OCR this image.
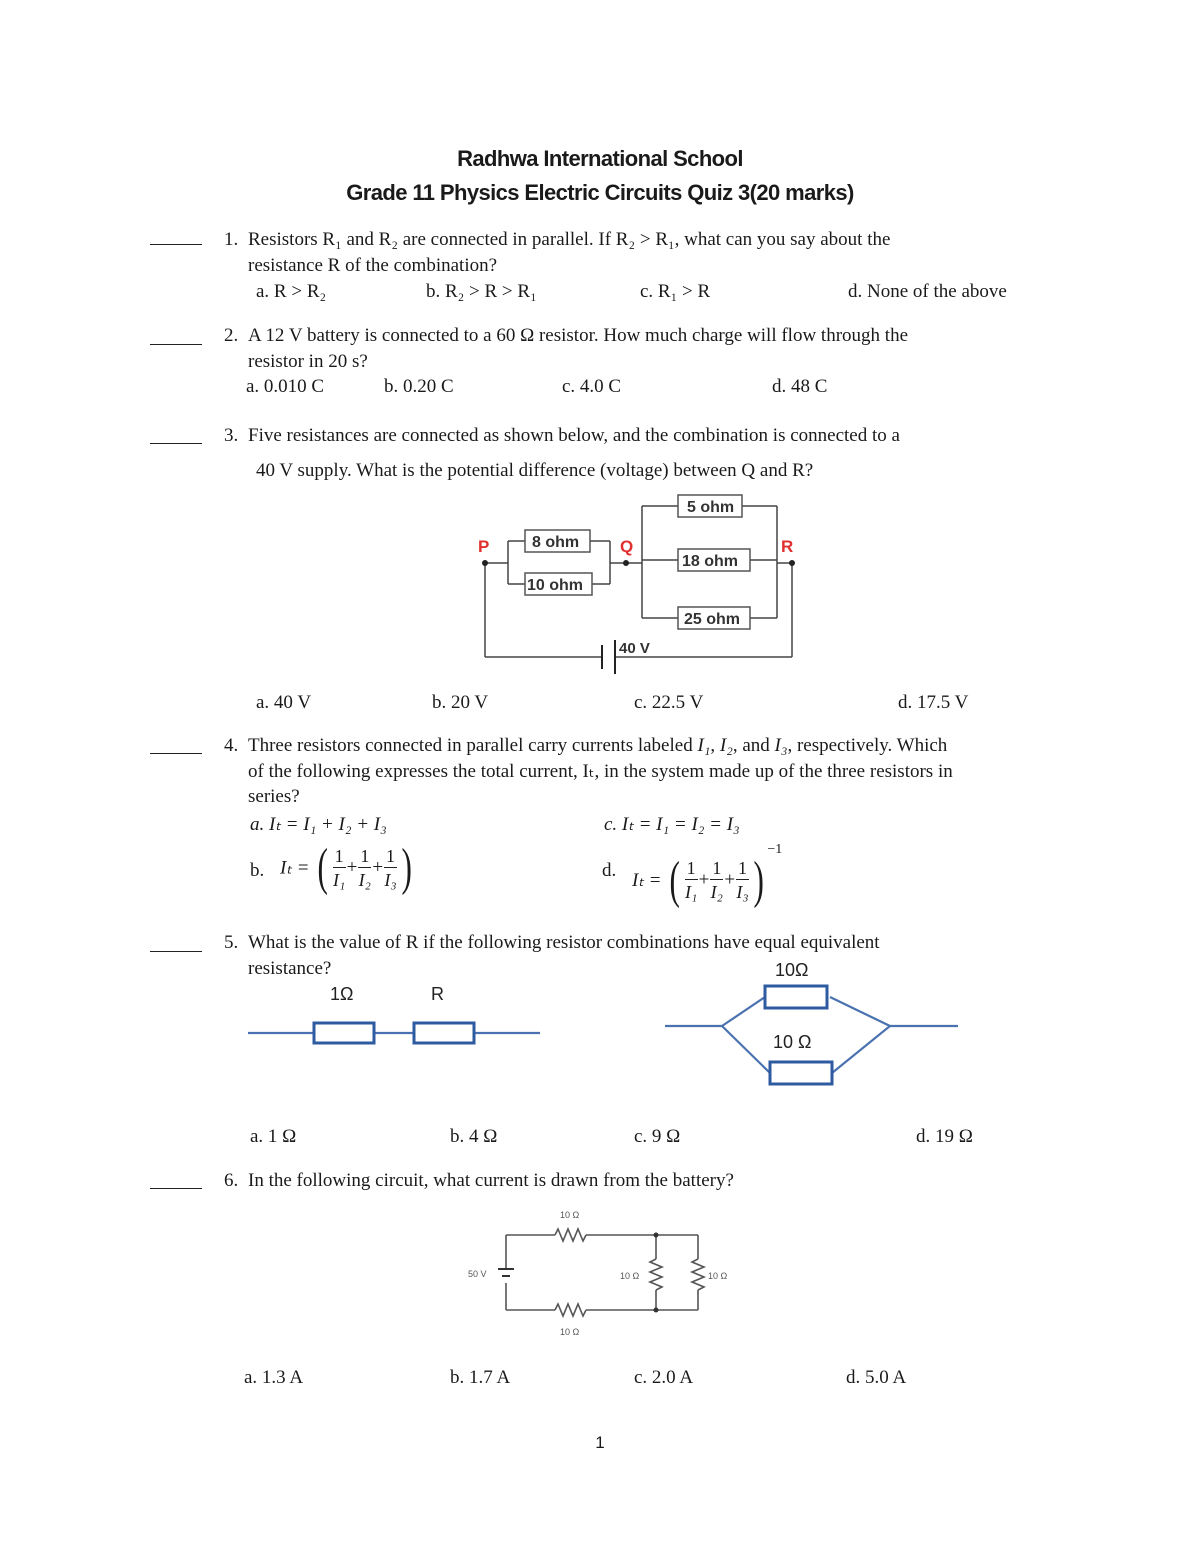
Radhwa International School
Grade 11 Physics Electric Circuits Quiz 3(20 marks)
1. Resistors R₁ and R₂ are connected in parallel. If R₂ > R₁, what can you say about the
resistance R of the combination?
a. R > R₂	b. R₂ > R > R₁	c. R₁ > R	d. None of the above
2. A 12 V battery is connected to a 60 Ω resistor. How much charge will flow through the
resistor in 20 s?
a. 0.010 C	b. 0.20 C	c. 4.0 C	d. 48 C
3. Five resistances are connected as shown below, and the combination is connected to a
40 V supply. What is the potential difference (voltage) between Q and R?
8 ohm
10 ohm
5 ohm
18 ohm
25 ohm
P	Q	R
40 V
a. 40 V	b. 20 V	c. 22.5 V	d. 17.5 V
4. Three resistors connected in parallel carry currents labeled I₁, I₂, and I₃, respectively. Which
of the following expresses the total current, Iₜ, in the system made up of the three resistors in
series?
a. Iₜ = I₁ + I₂ + I₃	c. Iₜ = I₁ = I₂ = I₃
b. Iₜ = ( $\frac{1}{\text{I₁}} + \frac{1}{\text{I₂}} + \frac{1}{\text{I₃}}$ )	d. Iₜ = ( $\frac{1}{\text{I₁}} + \frac{1}{\text{I₂}} + \frac{1}{\text{I₃}} )^{-1}$
5. What is the value of R if the following resistor combinations have equal equivalent
resistance?
1Ω	R
10Ω
10 Ω
a. 1 Ω	b. 4 Ω	c. 9 Ω	d. 19 Ω
6. In the following circuit, what current is drawn from the battery?
50 V
10 Ω
10 Ω
10 Ω	10 Ω
a. 1.3 A	b. 1.7 A	c. 2.0 A	d. 5.0 A
1
